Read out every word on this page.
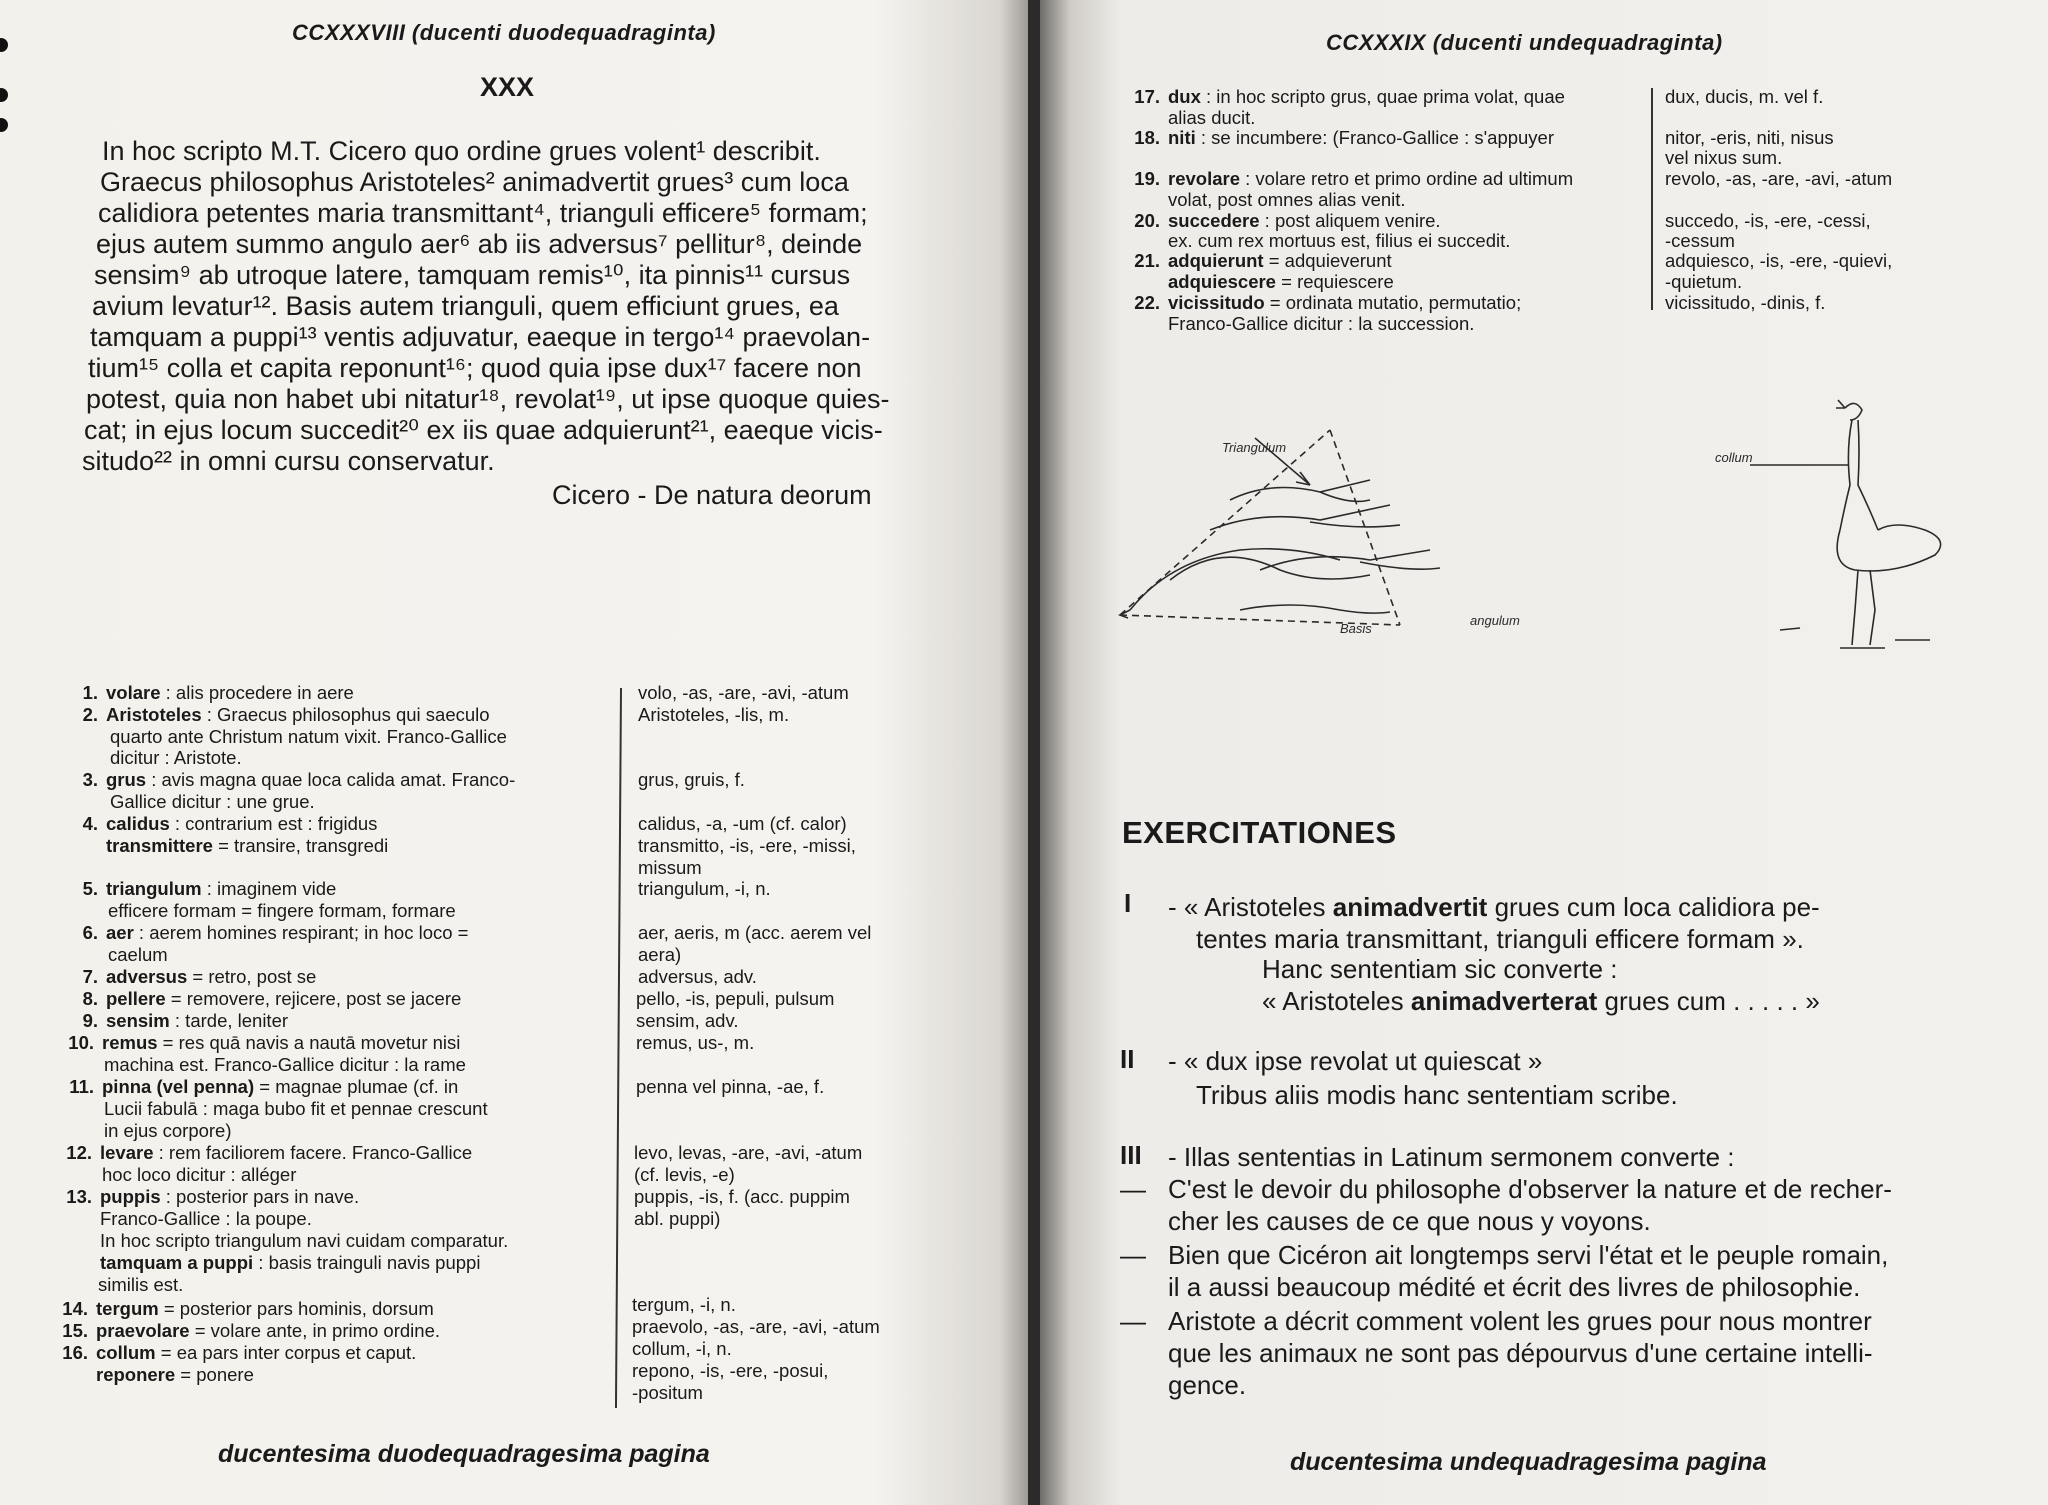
CCXXXVIII (ducenti duodequadraginta)
XXX
In hoc scripto M.T. Cicero quo ordine grues volent¹ describit.
Graecus philosophus Aristoteles² animadvertit grues³ cum loca
calidiora petentes maria transmittant⁴, trianguli efficere⁵ formam;
ejus autem summo angulo aer⁶ ab iis adversus⁷ pellitur⁸, deinde
sensim⁹ ab utroque latere, tamquam remis¹⁰, ita pinnis¹¹ cursus
avium levatur¹². Basis autem trianguli, quem efficiunt grues, ea
tamquam a puppi¹³ ventis adjuvatur, eaeque in tergo¹⁴ praevolan-
tium¹⁵ colla et capita reponunt¹⁶; quod quia ipse dux¹⁷ facere non
potest, quia non habet ubi nitatur¹⁸, revolat¹⁹, ut ipse quoque quies-
cat; in ejus locum succedit²⁰ ex iis quae adquierunt²¹, eaeque vicis-
situdo²² in omni cursu conservatur.
Cicero - De natura deorum
1. volare : alis procedere in aere
2. Aristoteles : Graecus philosophus qui saeculo
quarto ante Christum natum vixit. Franco-Gallice
dicitur : Aristote.
3. grus : avis magna quae loca calida amat. Franco-
Gallice dicitur : une grue.
4. calidus : contrarium est : frigidus
transmittere = transire, transgredi
5. triangulum : imaginem vide
efficere formam = fingere formam, formare
6. aer : aerem homines respirant; in hoc loco =
caelum
7. adversus = retro, post se
8. pellere = removere, rejicere, post se jacere
9. sensim : tarde, leniter
10. remus = res quā navis a nautā movetur nisi
machina est. Franco-Gallice dicitur : la rame
11. pinna (vel penna) = magnae plumae (cf. in
Lucii fabulā : maga bubo fit et pennae crescunt
in ejus corpore)
12. levare : rem faciliorem facere. Franco-Gallice
hoc loco dicitur : alléger
13. puppis : posterior pars in nave.
Franco-Gallice : la poupe.
In hoc scripto triangulum navi cuidam comparatur.
tamquam a puppi : basis trainguli navis puppi
similis est.
14. tergum = posterior pars hominis, dorsum
15. praevolare = volare ante, in primo ordine.
16. collum = ea pars inter corpus et caput.
reponere = ponere
volo, -as, -are, -avi, -atum
Aristoteles, -lis, m.
grus, gruis, f.
calidus, -a, -um (cf. calor)
transmitto, -is, -ere, -missi,
missum
triangulum, -i, n.
aer, aeris, m (acc. aerem vel
aera)
adversus, adv.
pello, -is, pepuli, pulsum
sensim, adv.
remus, us-, m.
penna vel pinna, -ae, f.
levo, levas, -are, -avi, -atum
(cf. levis, -e)
puppis, -is, f. (acc. puppim
abl. puppi)
tergum, -i, n.
praevolo, -as, -are, -avi, -atum
collum, -i, n.
repono, -is, -ere, -posui,
-positum
ducentesima duodequadragesima pagina
CCXXXIX (ducenti undequadraginta)
17. dux : in hoc scripto grus, quae prima volat, quae
alias ducit.
18. niti : se incumbere: (Franco-Gallice : s'appuyer
19. revolare : volare retro et primo ordine ad ultimum
volat, post omnes alias venit.
20. succedere : post aliquem venire.
ex. cum rex mortuus est, filius ei succedit.
21. adquierunt = adquieverunt
adquiescere = requiescere
22. vicissitudo = ordinata mutatio, permutatio;
Franco-Gallice dicitur : la succession.
dux, ducis, m. vel f.
nitor, -eris, niti, nisus
vel nixus sum.
revolo, -as, -are, -avi, -atum
succedo, -is, -ere, -cessi,
-cessum
adquiesco, -is, -ere, -quievi,
-quietum.
vicissitudo, -dinis, f.
Triangulum
Basis
angulum
collum
EXERCITATIONES
I - « Aristoteles animadvertit grues cum loca calidiora pe-
tentes maria transmittant, trianguli efficere formam ».
Hanc sententiam sic converte :
« Aristoteles animadverterat grues cum . . . . . »
II - « dux ipse revolat ut quiescat »
Tribus aliis modis hanc sententiam scribe.
III - Illas sententias in Latinum sermonem converte :
— C'est le devoir du philosophe d'observer la nature et de recher-
cher les causes de ce que nous y voyons.
— Bien que Cicéron ait longtemps servi l'état et le peuple romain,
il a aussi beaucoup médité et écrit des livres de philosophie.
— Aristote a décrit comment volent les grues pour nous montrer
que les animaux ne sont pas dépourvus d'une certaine intelli-
gence.
ducentesima undequadragesima pagina
